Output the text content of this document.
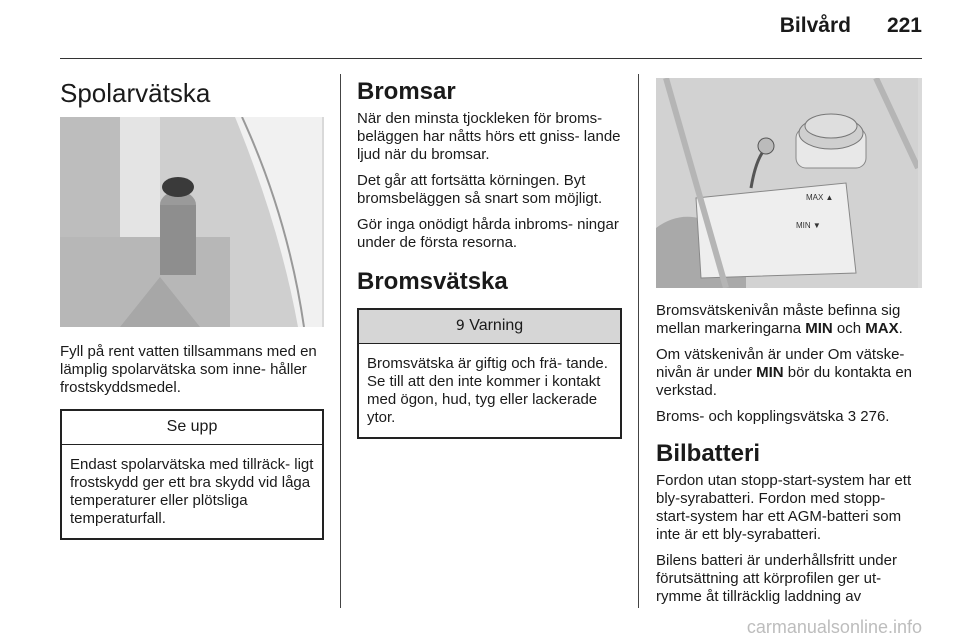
Bilvård 221
Spolarvätska

Fyll på rent vatten tillsammans med en lämplig spolarvätska som inne- håller frostskyddsmedel.

Se upp
Endast spolarvätska med tillräck- ligt frostskydd ger ett bra skydd vid låga temperaturer eller plötsliga temperaturfall.
Bromsar

När den minsta tjockleken för broms- beläggen har nåtts hörs ett gniss- lande ljud när du bromsar.

Det går att fortsätta körningen. Byt bromsbeläggen så snart som möjligt.

Gör inga onödigt hårda inbroms- ningar under de första resorna.

Bromsvätska
9 Varning
Bromsvätska är giftig och frä- tande. Se till att den inte kommer i kontakt med ögon, hud, tyg eller lackerade ytor.
MAX ▲
MIN ▼

Bromsvätskenivån måste befinna sig mellan markeringarna MIN och MAX.

Om vätskenivån är under Om vätske- nivån är under MIN bör du kontakta en verkstad.

Broms- och kopplingsvätska 3 276.

Bilbatteri

Fordon utan stopp-start-system har ett bly-syrabatteri. Fordon med stopp- start-system har ett AGM-batteri som inte är ett bly-syrabatteri.

Bilens batteri är underhållsfritt under förutsättning att körprofilen ger ut- rymme åt tillräcklig laddning av

carmanualsonline.info
